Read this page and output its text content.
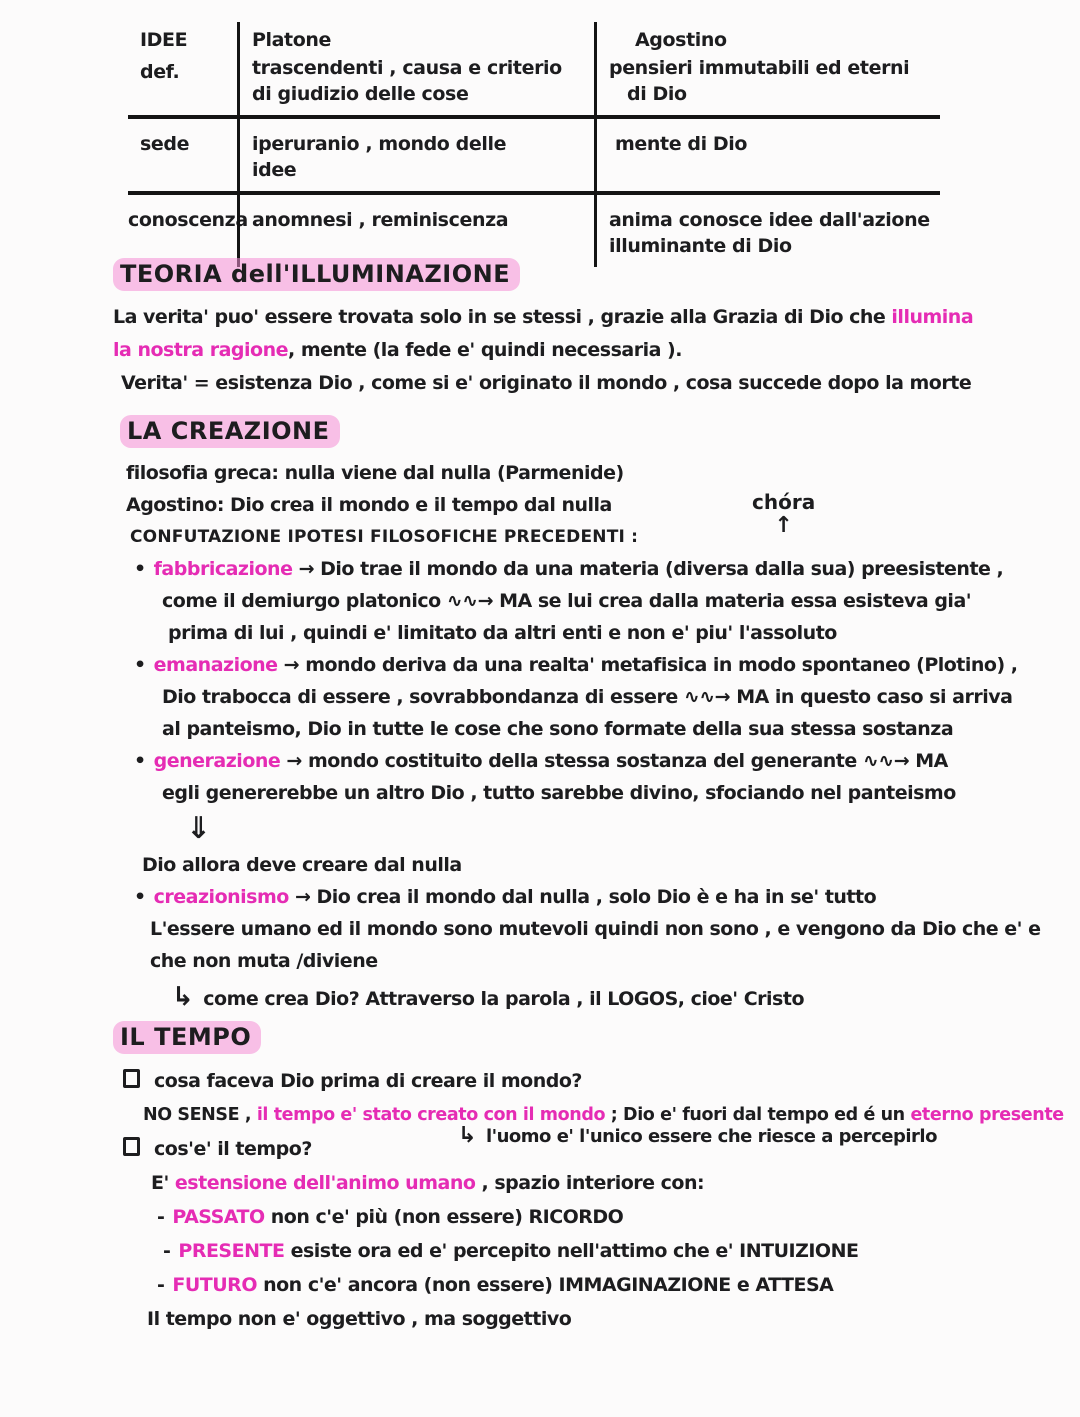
IDEE
def.
Platone
trascendenti , causa e criterio
di giudizio delle cose
Agostino
pensieri immutabili ed eterni
di Dio
sede	iperuranio , mondo delle
idee
mente di Dio
conoscenza anomnesi , reminiscenza	anima conosce idee dall'azione
illuminante di Dio
TEORIA dell'ILLUMINAZIONE
La verita' puo' essere trovata solo in se stessi , grazie alla Grazia di Dio che illumina
la nostra ragione, mente (la fede e' quindi necessaria ).
Verita' = esistenza Dio , come si e' originato il mondo , cosa succede dopo la morte
chóra
↑
LA CREAZIONE
filosofia greca: nulla viene dal nulla (Parmenide)
Agostino: Dio crea il mondo e il tempo dal nulla
CONFUTAZIONE IPOTESI FILOSOFICHE PRECEDENTI :
• fabbricazione → Dio trae il mondo da una materia (diversa dalla sua) preesistente ,
come il demiurgo platonico ∿∿→ MA se lui crea dalla materia essa esisteva gia'
prima di lui , quindi e' limitato da altri enti e non e' piu' l'assoluto
• emanazione → mondo deriva da una realta' metafisica in modo spontaneo (Plotino) ,
Dio trabocca di essere , sovrabbondanza di essere ∿∿→ MA in questo caso si arriva
al panteismo, Dio in tutte le cose che sono formate della sua stessa sostanza
• generazione → mondo costituito della stessa sostanza del generante ∿∿→ MA
egli genererebbe un altro Dio , tutto sarebbe divino, sfociando nel panteismo
⇓
Dio allora deve creare dal nulla
• creazionismo → Dio crea il mondo dal nulla , solo Dio è e ha in se' tutto
L'essere umano ed il mondo sono mutevoli quindi non sono , e vengono da Dio che e' e
che non muta /diviene
↳ come crea Dio? Attraverso la parola , il LOGOS, cioe' Cristo
IL TEMPO
cosa faceva Dio prima di creare il mondo?
NO SENSE , il tempo e' stato creato con il mondo ; Dio e' fuori dal tempo ed é un eterno presente
↳ l'uomo e' l'unico essere che riesce a percepirlo
cos'e' il tempo?
E' estensione dell'animo umano , spazio interiore con:
- PASSATO non c'e' più (non essere) RICORDO
- PRESENTE esiste ora ed e' percepito nell'attimo che e' INTUIZIONE
- FUTURO non c'e' ancora (non essere) IMMAGINAZIONE e ATTESA
Il tempo non e' oggettivo , ma soggettivo
